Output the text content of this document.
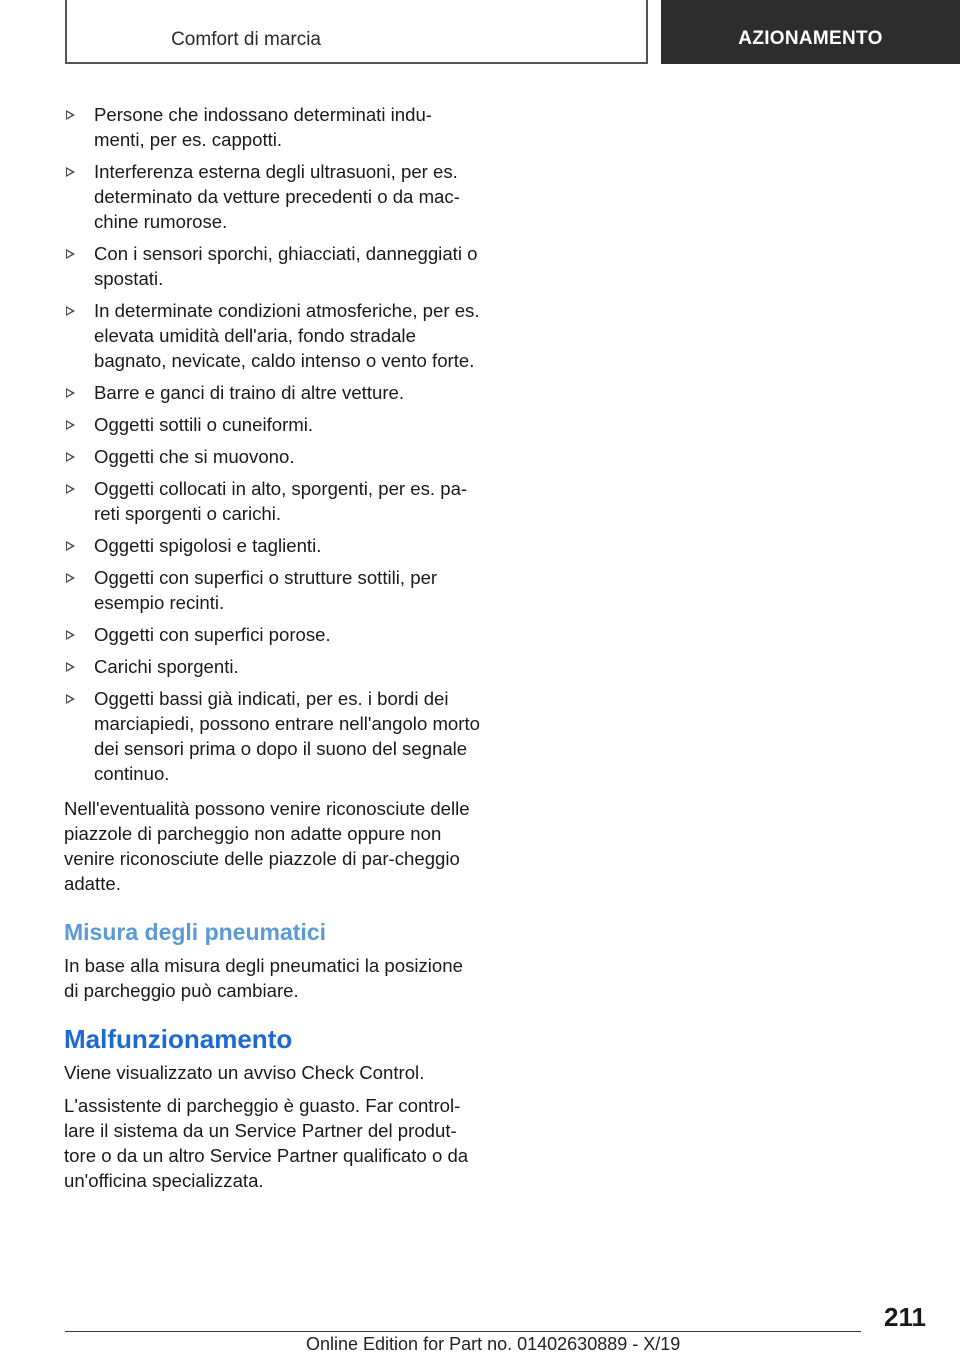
Comfort di marcia	AZIONAMENTO
Persone che indossano determinati indu-menti, per es. cappotti.
Interferenza esterna degli ultrasuoni, per es. determinato da vetture precedenti o da mac-chine rumorose.
Con i sensori sporchi, ghiacciati, danneggiati o spostati.
In determinate condizioni atmosferiche, per es. elevata umidità dell'aria, fondo stradale bagnato, nevicate, caldo intenso o vento forte.
Barre e ganci di traino di altre vetture.
Oggetti sottili o cuneiformi.
Oggetti che si muovono.
Oggetti collocati in alto, sporgenti, per es. pa-reti sporgenti o carichi.
Oggetti spigolosi e taglienti.
Oggetti con superfici o strutture sottili, per esempio recinti.
Oggetti con superfici porose.
Carichi sporgenti.
Oggetti bassi già indicati, per es. i bordi dei marciapiedi, possono entrare nell'angolo morto dei sensori prima o dopo il suono del segnale continuo.

Nell'eventualità possono venire riconosciute delle piazzole di parcheggio non adatte oppure non venire riconosciute delle piazzole di par-cheggio adatte.

Misura degli pneumatici

In base alla misura degli pneumatici la posizione di parcheggio può cambiare.

Malfunzionamento

Viene visualizzato un avviso Check Control.

L'assistente di parcheggio è guasto. Far control-lare il sistema da un Service Partner del produt-tore o da un altro Service Partner qualificato o da un'officina specializzata.

211
Online Edition for Part no. 01402630889 - X/19
